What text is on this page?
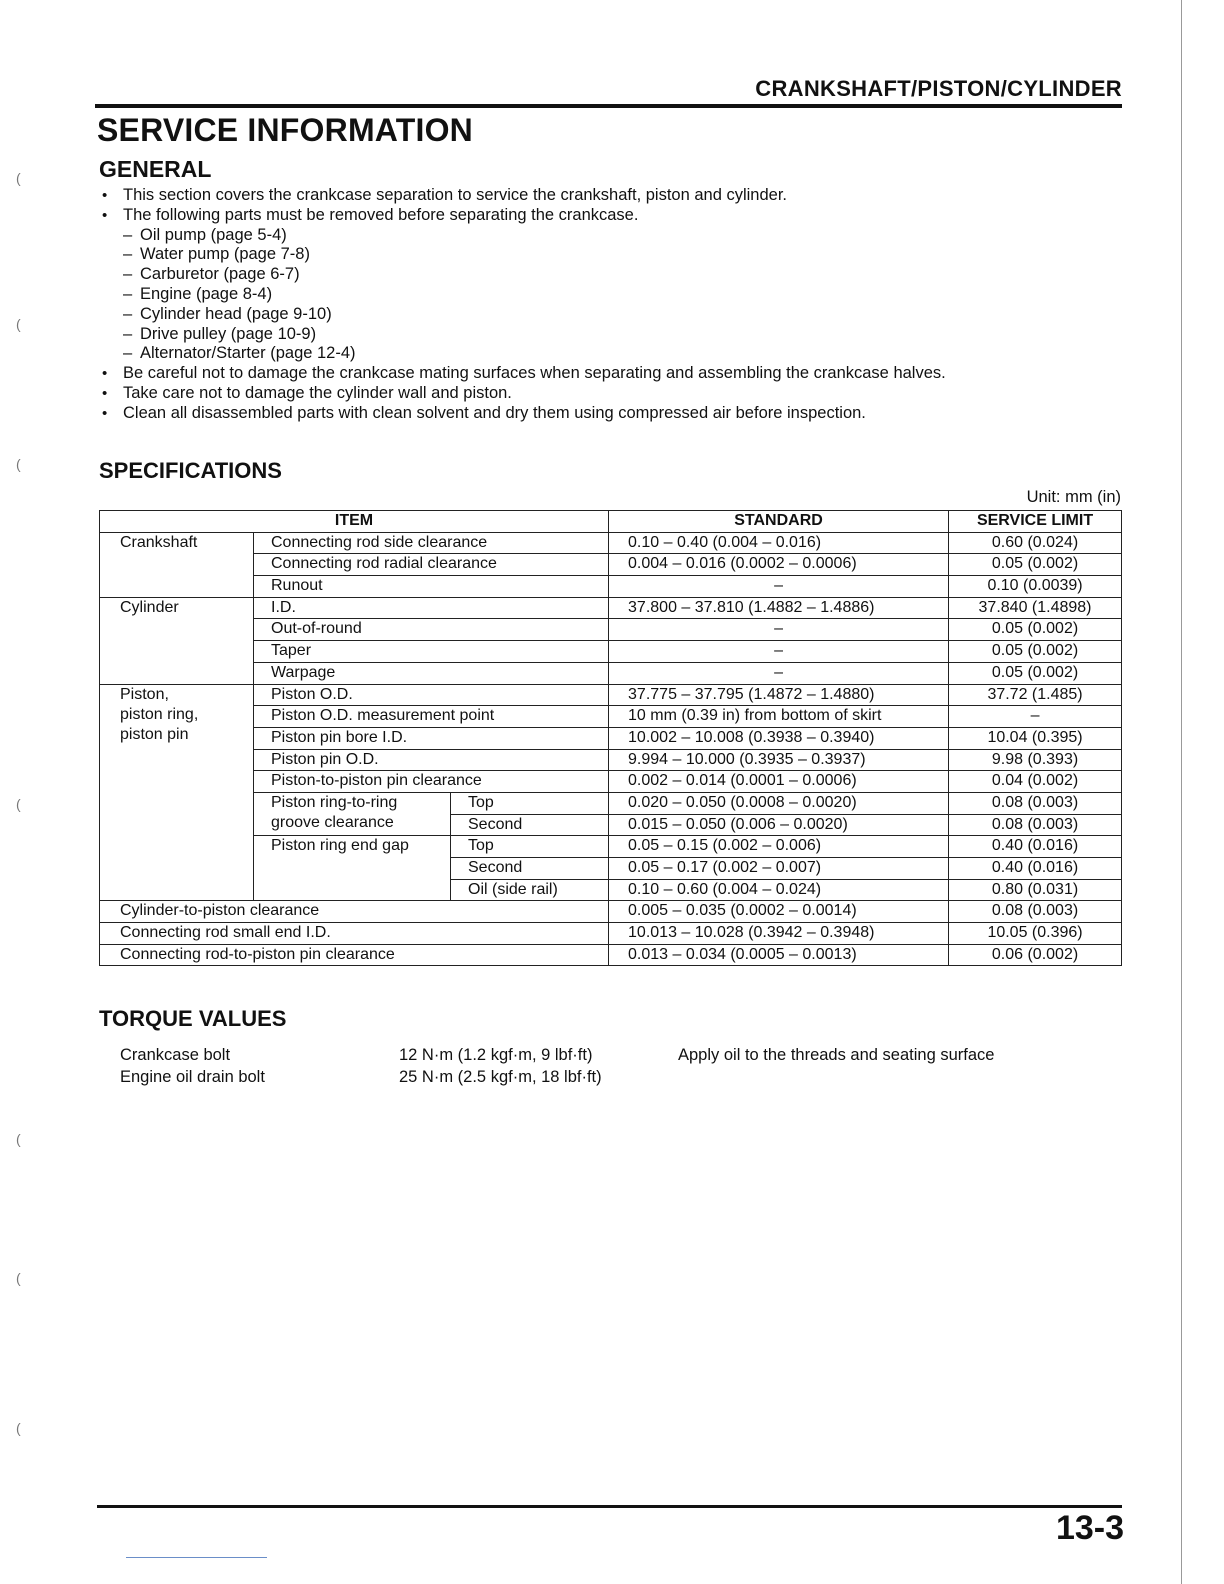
(
(
(
(
(
(
(
CRANKSHAFT/PISTON/CYLINDER
SERVICE INFORMATION
GENERAL
• This section covers the crankcase separation to service the crankshaft, piston and cylinder.
• The following parts must be removed before separating the crankcase.
– Oil pump (page 5-4)
– Water pump (page 7-8)
– Carburetor (page 6-7)
– Engine (page 8-4)
– Cylinder head (page 9-10)
– Drive pulley (page 10-9)
– Alternator/Starter (page 12-4)
• Be careful not to damage the crankcase mating surfaces when separating and assembling the crankcase halves.
• Take care not to damage the cylinder wall and piston.
• Clean all disassembled parts with clean solvent and dry them using compressed air before inspection.
SPECIFICATIONS
Unit: mm (in)
ITEM			STANDARD	SERVICE LIMIT
Crankshaft	Connecting rod side clearance		0.10 – 0.40 (0.004 – 0.016)	0.60 (0.024)
	Connecting rod radial clearance		0.004 – 0.016 (0.0002 – 0.0006)	0.05 (0.002)
	Runout		–	0.10 (0.0039)
Cylinder	I.D.		37.800 – 37.810 (1.4882 – 1.4886)	37.840 (1.4898)
	Out-of-round		–	0.05 (0.002)
	Taper		–	0.05 (0.002)
	Warpage		–	0.05 (0.002)
Piston,
piston ring,
piston pin	Piston O.D.		37.775 – 37.795 (1.4872 – 1.4880)	37.72 (1.485)
	Piston O.D. measurement point		10 mm (0.39 in) from bottom of skirt	–
	Piston pin bore I.D.		10.002 – 10.008 (0.3938 – 0.3940)	10.04 (0.395)
	Piston pin O.D.		9.994 – 10.000 (0.3935 – 0.3937)	9.98 (0.393)
	Piston-to-piston pin clearance		0.002 – 0.014 (0.0001 – 0.0006)	0.04 (0.002)
	Piston ring-to-ring groove clearance	Top	0.020 – 0.050 (0.0008 – 0.0020)	0.08 (0.003)
		Second	0.015 – 0.050 (0.006 – 0.0020)	0.08 (0.003)
	Piston ring end gap	Top	0.05 – 0.15 (0.002 – 0.006)	0.40 (0.016)
		Second	0.05 – 0.17 (0.002 – 0.007)	0.40 (0.016)
		Oil (side rail)	0.10 – 0.60 (0.004 – 0.024)	0.80 (0.031)
Cylinder-to-piston clearance			0.005 – 0.035 (0.0002 – 0.0014)	0.08 (0.003)
Connecting rod small end I.D.			10.013 – 10.028 (0.3942 – 0.3948)	10.05 (0.396)
Connecting rod-to-piston pin clearance			0.013 – 0.034 (0.0005 – 0.0013)	0.06 (0.002)
TORQUE VALUES
Crankcase bolt	12 N·m (1.2 kgf·m, 9 lbf·ft)	Apply oil to the threads and seating surface
Engine oil drain bolt	25 N·m (2.5 kgf·m, 18 lbf·ft)	
13-3
